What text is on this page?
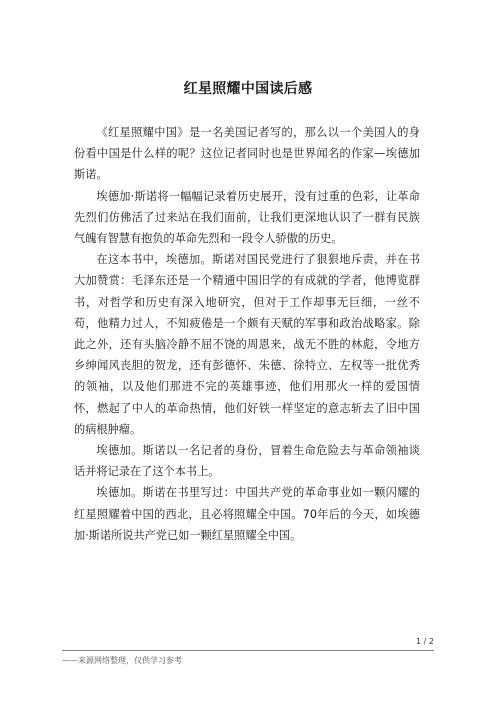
红星照耀中国读后感

《红星照耀中国》是一名美国记者写的，那么以一个美国人的身份看中国是什么样的呢？这位记者同时也是世界闻名的作家—埃德加斯诺。

埃德加·斯诺将一幅幅记录着历史展开，没有过重的色彩，让革命先烈们仿佛活了过来站在我们面前，让我们更深地认识了一群有民族气魄有智慧有抱负的革命先烈和一段令人骄傲的历史。

在这本书中，埃德加。斯诺对国民党进行了狠狠地斥责，并在书大加赞赏：毛泽东还是一个精通中国旧学的有成就的学者，他博览群书，对哲学和历史有深入地研究，但对于工作却事无巨细，一丝不苟，他精力过人，不知疲倦是一个颇有天赋的军事和政治战略家。除此之外，还有头脑冷静不屈不饶的周恩来，战无不胜的林彪，令地方乡绅闻风丧胆的贺龙，还有彭德怀、朱德、徐特立、左权等一批优秀的领袖，以及他们那进不完的英雄事迹，他们用那火一样的爱国情怀，燃起了中人的革命热情，他们好铁一样坚定的意志斩去了旧中国的病根肿瘤。

埃德加。斯诺以一名记者的身份，冒着生命危险去与革命领袖谈话并将记录在了这个本书上。

埃德加。斯诺在书里写过：中国共产党的革命事业如一颗闪耀的红星照耀着中国的西北，且必将照耀全中国。70年后的今天，如埃德加·斯诺所说共产党已如一颗红星照耀全中国。

1 / 2
——来源网络整理，仅供学习参考
